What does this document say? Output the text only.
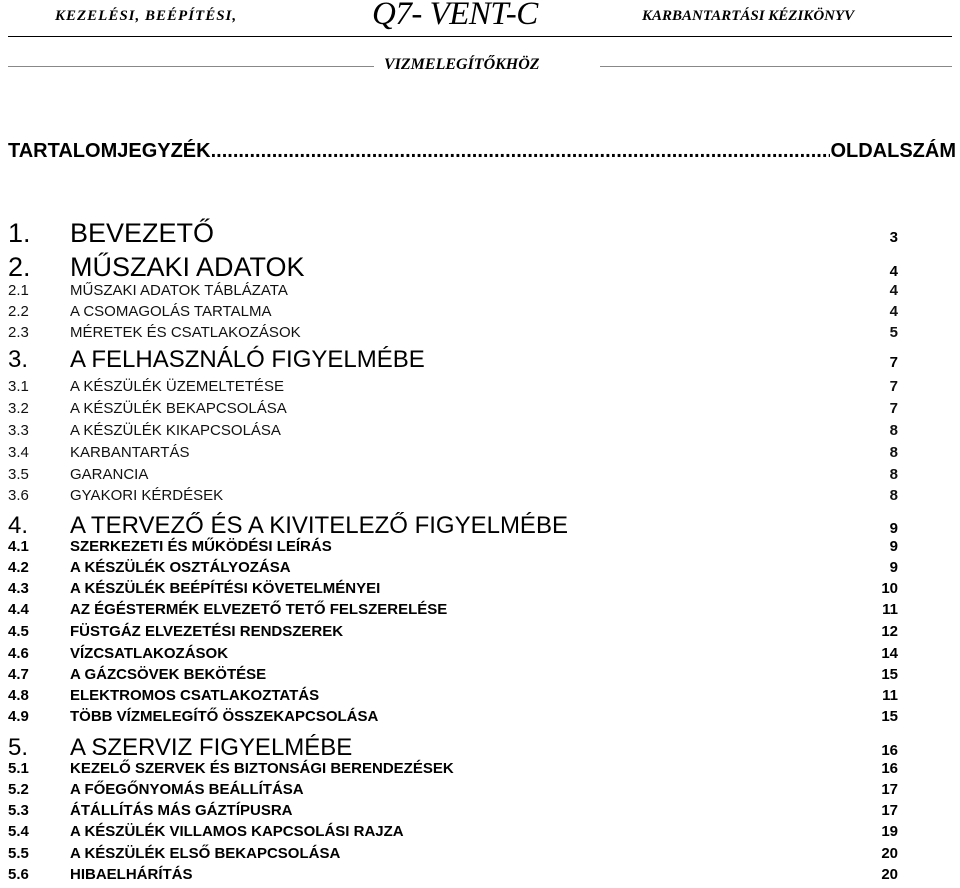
KEZELÉSI, BEÉPÍTÉSI,	Q7- VENT-C	KARBANTARTÁSI KÉZIKÖNYV
VIZMELEGÍTŐKHÖZ
TARTALOMJEGYZÉK
.....	OLDALSZÁM
1.	BEVEZETŐ	3
2.	MŰSZAKI ADATOK	4
2.1	MŰSZAKI ADATOK TÁBLÁZATA	4
2.2	A CSOMAGOLÁS TARTALMA	4
2.3	MÉRETEK ÉS CSATLAKOZÁSOK	5
3.	A FELHASZNÁLÓ FIGYELMÉBE	7
3.1	A KÉSZÜLÉK ÜZEMELTETÉSE	7
3.2	A KÉSZÜLÉK BEKAPCSOLÁSA	7
3.3	A KÉSZÜLÉK KIKAPCSOLÁSA	8
3.4	KARBANTARTÁS	8
3.5	GARANCIA	8
3.6	GYAKORI KÉRDÉSEK	8
4.	A TERVEZŐ ÉS A KIVITELEZŐ FIGYELMÉBE	9
4.1	SZERKEZETI ÉS MŰKÖDÉSI LEÍRÁS	9
4.2	A KÉSZÜLÉK OSZTÁLYOZÁSA	9
4.3	A KÉSZÜLÉK BEÉPÍTÉSI KÖVETELMÉNYEI	10
4.4	AZ ÉGÉSTERMÉK ELVEZETŐ TETŐ FELSZERELÉSE	11
4.5	FÜSTGÁZ ELVEZETÉSI RENDSZEREK	12
4.6	VÍZCSATLAKOZÁSOK	14
4.7	A GÁZCSÖVEK BEKÖTÉSE	15
4.8	ELEKTROMOS CSATLAKOZTATÁS	11
4.9	TÖBB VÍZMELEGÍTŐ ÖSSZEKAPCSOLÁSA	15
5.	A SZERVIZ FIGYELMÉBE	16
5.1	KEZELŐ SZERVEK ÉS BIZTONSÁGI BERENDEZÉSEK	16
5.2	A FŐEGŐNYOMÁS BEÁLLÍTÁSA	17
5.3	ÁTÁLLÍTÁS MÁS GÁZTÍPUSRA	17
5.4	A KÉSZÜLÉK VILLAMOS KAPCSOLÁSI RAJZA	19
5.5	A KÉSZÜLÉK ELSŐ BEKAPCSOLÁSA	20
5.6	HIBAELHÁRÍTÁS	20
